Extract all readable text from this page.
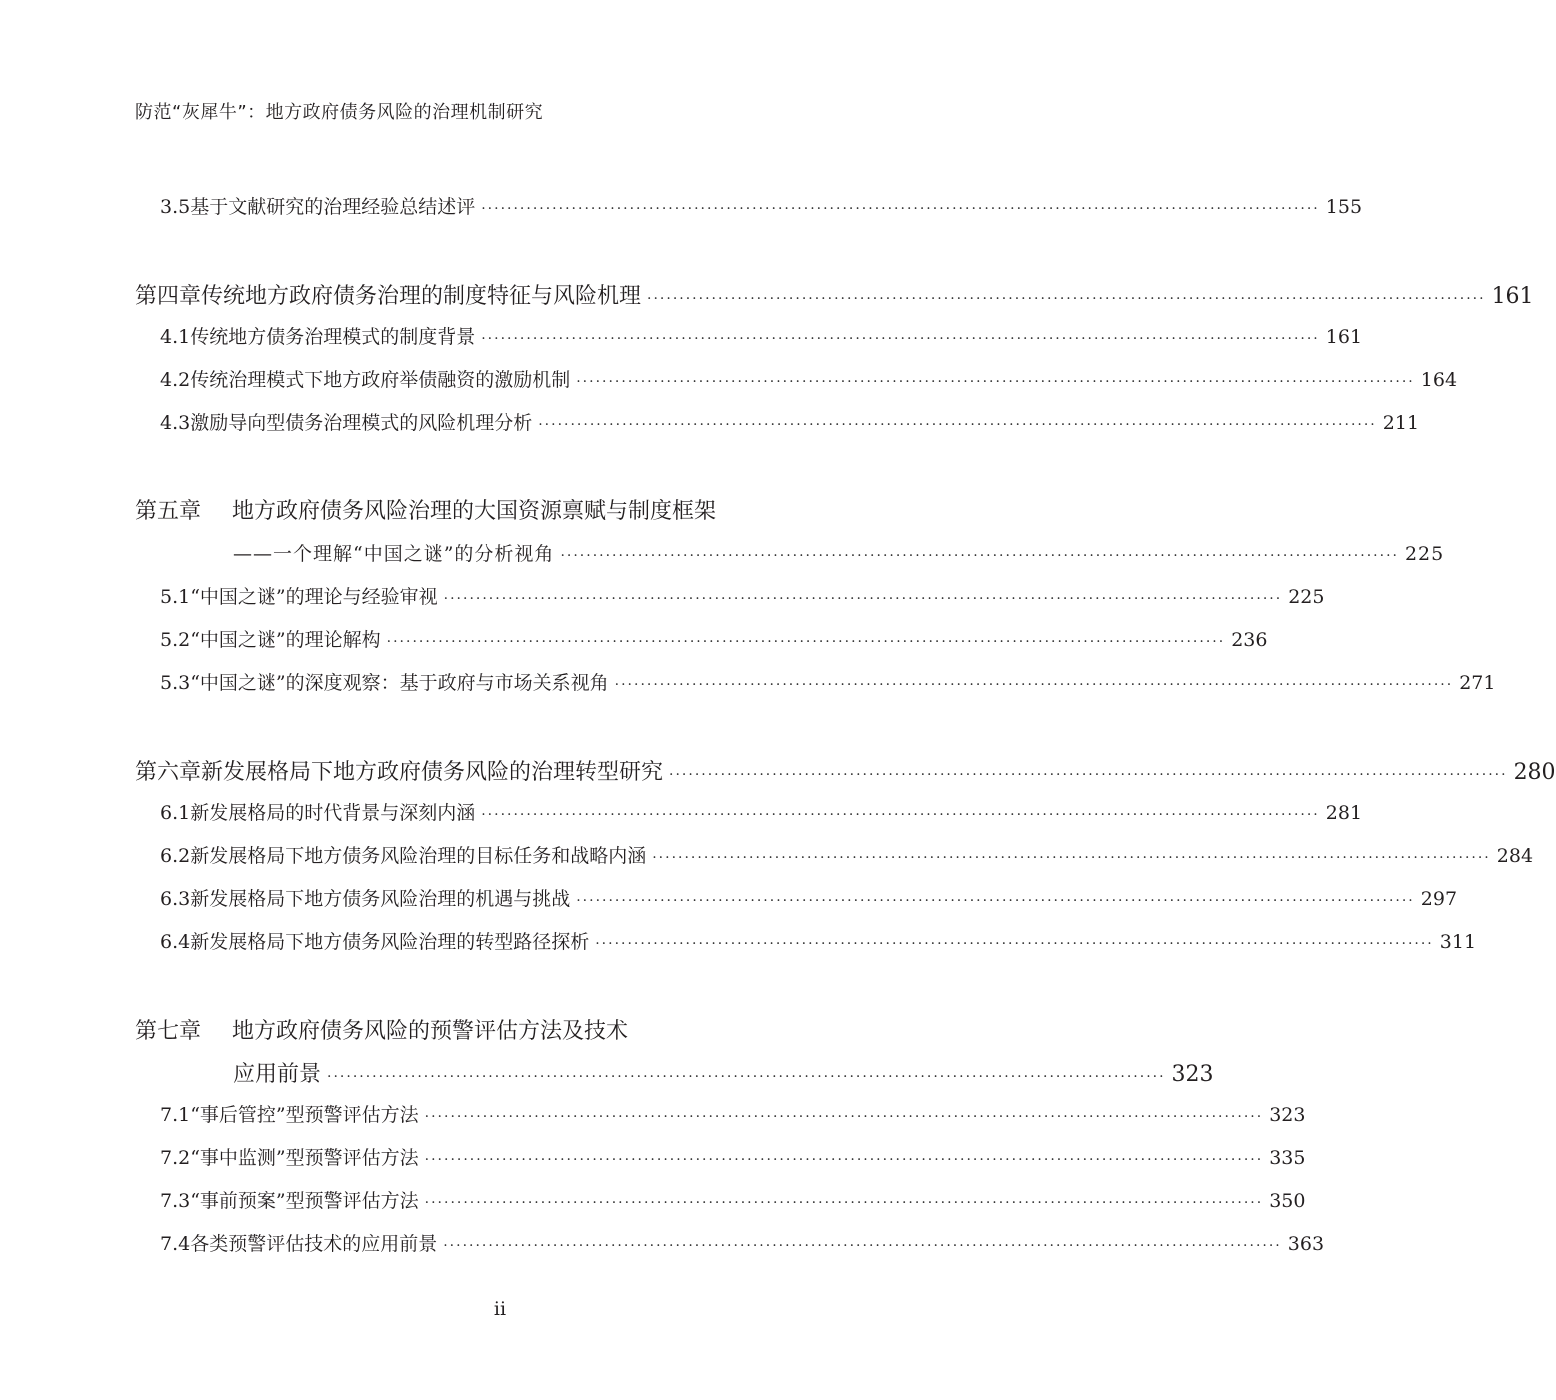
防范“灰犀牛”：地方政府债务风险的治理机制研究
3.5 基于文献研究的治理经验总结述评 ·····	155
第四章 传统地方政府债务治理的制度特征与风险机理 ·····	161
4.1 传统地方债务治理模式的制度背景 ·····	161
4.2 传统治理模式下地方政府举债融资的激励机制 ·····	164
4.3 激励导向型债务治理模式的风险机理分析 ·····	211
第五章	地方政府债务风险治理的大国资源禀赋与制度框架
——一个理解“中国之谜”的分析视角 ·····	225
5.1 “中国之谜”的理论与经验审视 ·····	225
5.2 “中国之谜”的理论解构 ·····	236
5.3 “中国之谜”的深度观察：基于政府与市场关系视角 ·····	271
第六章 新发展格局下地方政府债务风险的治理转型研究 ·····	280
6.1 新发展格局的时代背景与深刻内涵 ·····	281
6.2 新发展格局下地方债务风险治理的目标任务和战略内涵 ·····	284
6.3 新发展格局下地方债务风险治理的机遇与挑战 ·····	297
6.4 新发展格局下地方债务风险治理的转型路径探析 ·····	311
第七章	地方政府债务风险的预警评估方法及技术
应用前景 ·····	323
7.1 “事后管控”型预警评估方法 ·····	323
7.2 “事中监测”型预警评估方法 ·····	335
7.3 “事前预案”型预警评估方法 ·····	350
7.4 各类预警评估技术的应用前景 ·····	363
ii
